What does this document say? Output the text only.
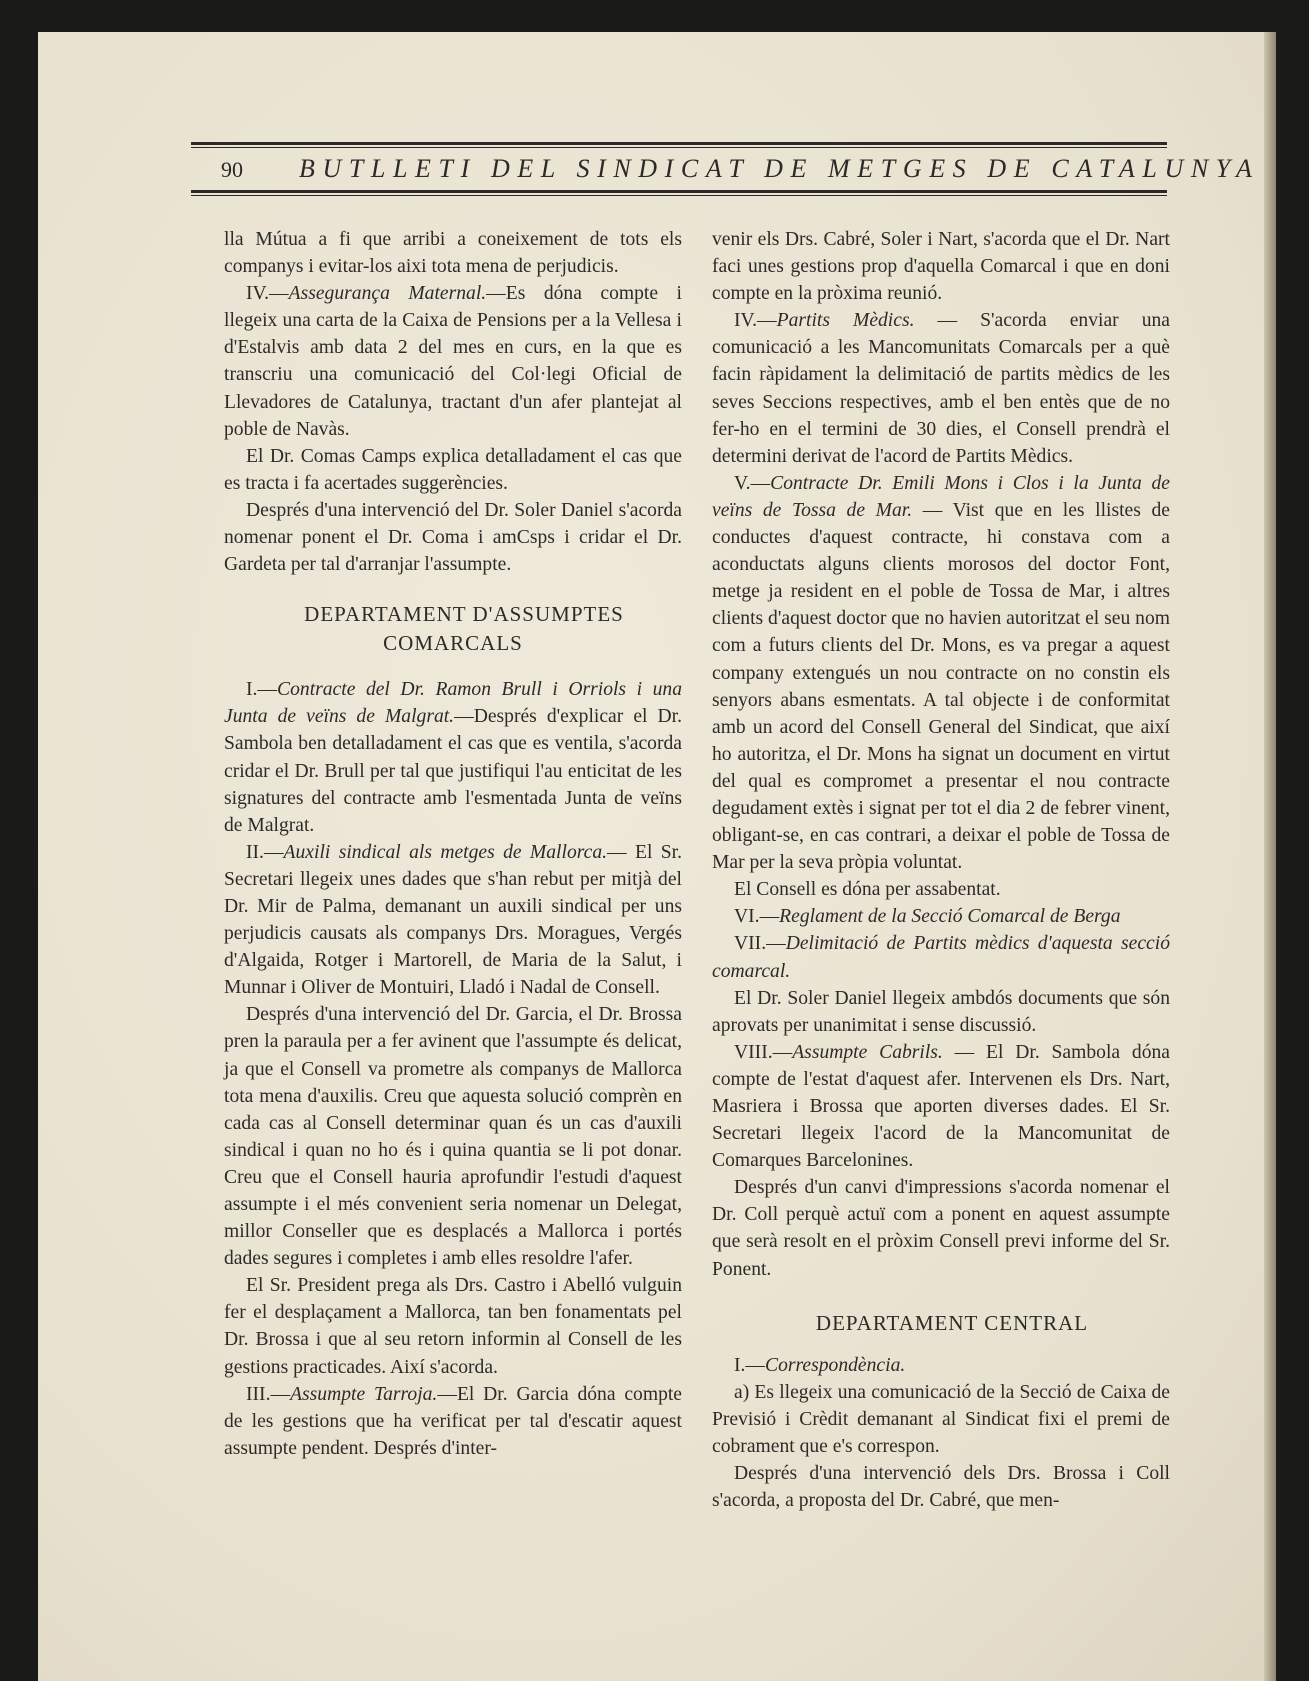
90 BUTLLETI DEL SINDICAT DE METGES DE CATALUNYA

lla Mútua a fi que arribi a coneixement de tots els companys i evitar-los aixi tota mena de perjudicis.

IV.—Assegurança Maternal.—Es dóna compte i llegeix una carta de la Caixa de Pensions per a la Vellesa i d'Estalvis amb data 2 del mes en curs, en la que es transcriu una comunicació del Col·legi Oficial de Llevadores de Catalunya, tractant d'un afer plantejat al poble de Navàs.

El Dr. Comas Camps explica detalladament el cas que es tracta i fa acertades suggerències.

Després d'una intervenció del Dr. Soler Daniel s'acorda nomenar ponent el Dr. Coma i amCsps i cridar el Dr. Gardeta per tal d'arranjar l'assumpte.

DEPARTAMENT D'ASSUMPTES COMARCALS

I.—Contracte del Dr. Ramon Brull i Orriols i una Junta de veïns de Malgrat.—Després d'explicar el Dr. Sambola ben detalladament el cas que es ventila, s'acorda cridar el Dr. Brull per tal que justifiqui l'au enticitat de les signatures del contracte amb l'esmentada Junta de veïns de Malgrat.

II.—Auxili sindical als metges de Mallorca.— El Sr. Secretari llegeix unes dades que s'han rebut per mitjà del Dr. Mir de Palma, demanant un auxili sindical per uns perjudicis causats als companys Drs. Moragues, Vergés d'Algaida, Rotger i Martorell, de Maria de la Salut, i Munnar i Oliver de Montuiri, Lladó i Nadal de Consell.

Després d'una intervenció del Dr. Garcia, el Dr. Brossa pren la paraula per a fer avinent que l'assumpte és delicat, ja que el Consell va prometre als companys de Mallorca tota mena d'auxilis. Creu que aquesta solució comprèn en cada cas al Consell determinar quan és un cas d'auxili sindical i quan no ho és i quina quantia se li pot donar. Creu que el Consell hauria aprofundir l'estudi d'aquest assumpte i el més convenient seria nomenar un Delegat, millor Conseller que es desplacés a Mallorca i portés dades segures i completes i amb elles resoldre l'afer.

El Sr. President prega als Drs. Castro i Abelló vulguin fer el desplaçament a Mallorca, tan ben fonamentats pel Dr. Brossa i que al seu retorn informin al Consell de les gestions practicades. Així s'acorda.

III.—Assumpte Tarroja.—El Dr. Garcia dóna compte de les gestions que ha verificat per tal d'escatir aquest assumpte pendent. Després d'inter-

venir els Drs. Cabré, Soler i Nart, s'acorda que el Dr. Nart faci unes gestions prop d'aquella Comarcal i que en doni compte en la pròxima reunió.

IV.—Partits Mèdics. — S'acorda enviar una comunicació a les Mancomunitats Comarcals per a què facin ràpidament la delimitació de partits mèdics de les seves Seccions respectives, amb el ben entès que de no fer-ho en el termini de 30 dies, el Consell prendrà el determini derivat de l'acord de Partits Mèdics.

V.—Contracte Dr. Emili Mons i Clos i la Junta de veïns de Tossa de Mar. — Vist que en les llistes de conductes d'aquest contracte, hi constava com a aconductats alguns clients morosos del doctor Font, metge ja resident en el poble de Tossa de Mar, i altres clients d'aquest doctor que no havien autoritzat el seu nom com a futurs clients del Dr. Mons, es va pregar a aquest company extengués un nou contracte on no constin els senyors abans esmentats. A tal objecte i de conformitat amb un acord del Consell General del Sindicat, que així ho autoritza, el Dr. Mons ha signat un document en virtut del qual es compromet a presentar el nou contracte degudament extès i signat per tot el dia 2 de febrer vinent, obligant-se, en cas contrari, a deixar el poble de Tossa de Mar per la seva pròpia voluntat.

El Consell es dóna per assabentat.

VI.—Reglament de la Secció Comarcal de Berga

VII.—Delimitació de Partits mèdics d'aquesta secció comarcal.

El Dr. Soler Daniel llegeix ambdós documents que són aprovats per unanimitat i sense discussió.

VIII.—Assumpte Cabrils. — El Dr. Sambola dóna compte de l'estat d'aquest afer. Intervenen els Drs. Nart, Masriera i Brossa que aporten diverses dades. El Sr. Secretari llegeix l'acord de la Mancomunitat de Comarques Barcelonines.

Després d'un canvi d'impressions s'acorda nomenar el Dr. Coll perquè actuï com a ponent en aquest assumpte que serà resolt en el pròxim Consell previ informe del Sr. Ponent.

DEPARTAMENT CENTRAL

I.—Correspondència.

a) Es llegeix una comunicació de la Secció de Caixa de Previsió i Crèdit demanant al Sindicat fixi el premi de cobrament que e's correspon.

Després d'una intervenció dels Drs. Brossa i Coll s'acorda, a proposta del Dr. Cabré, que men-
